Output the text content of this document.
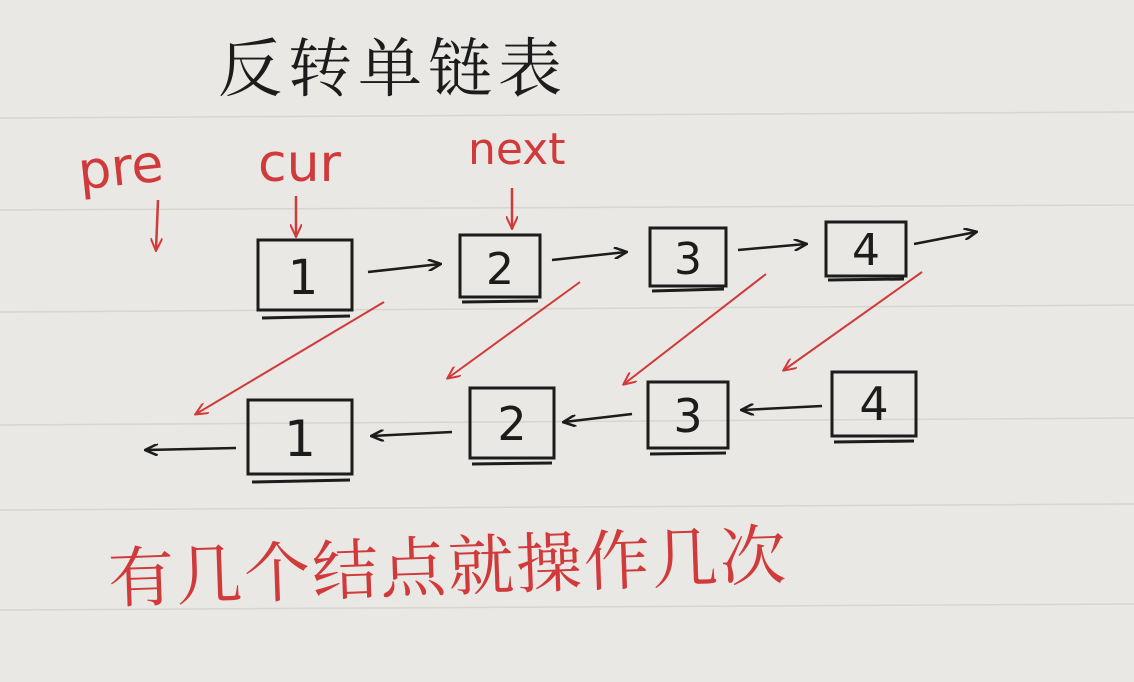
1	2	3	4
1	2	3	4
反转单链表
pre cur	next
有几个结点就操作几次
